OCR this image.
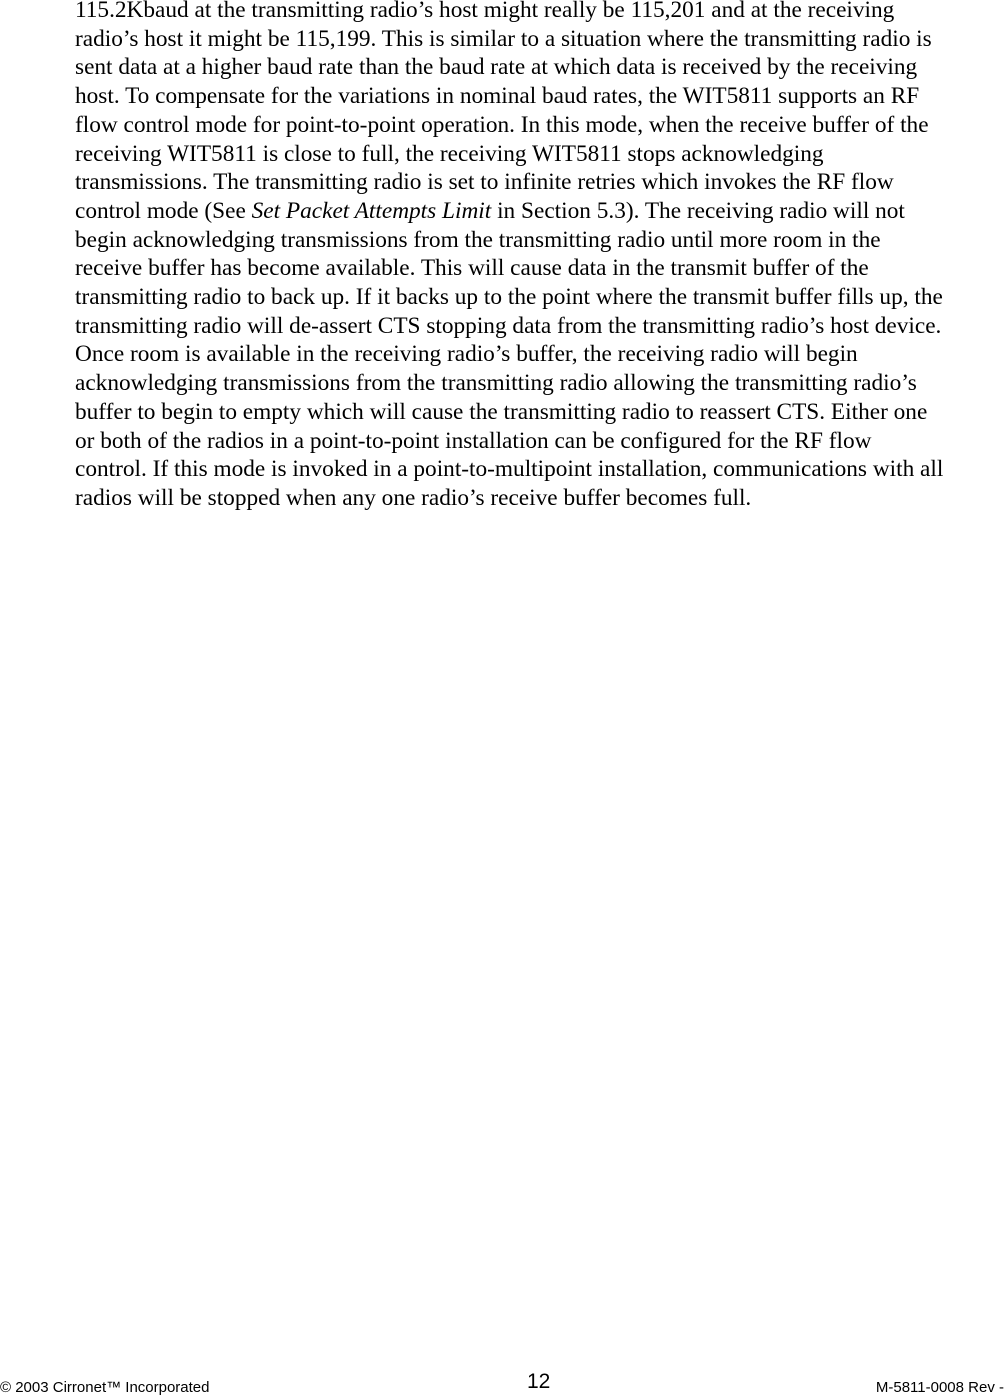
115.2Kbaud at the transmitting radio’s host might really be 115,201 and at the receiving
radio’s host it might be 115,199. This is similar to a situation where the transmitting radio is
sent data at a higher baud rate than the baud rate at which data is received by the receiving
host. To compensate for the variations in nominal baud rates, the WIT5811 supports an RF
flow control mode for point-to-point operation. In this mode, when the receive buffer of the
receiving WIT5811 is close to full, the receiving WIT5811 stops acknowledging
transmissions. The transmitting radio is set to infinite retries which invokes the RF flow
control mode (See Set Packet Attempts Limit in Section 5.3). The receiving radio will not
begin acknowledging transmissions from the transmitting radio until more room in the
receive buffer has become available. This will cause data in the transmit buffer of the
transmitting radio to back up. If it backs up to the point where the transmit buffer fills up, the
transmitting radio will de-assert CTS stopping data from the transmitting radio’s host device.
Once room is available in the receiving radio’s buffer, the receiving radio will begin
acknowledging transmissions from the transmitting radio allowing the transmitting radio’s
buffer to begin to empty which will cause the transmitting radio to reassert CTS. Either one
or both of the radios in a point-to-point installation can be configured for the RF flow
control. If this mode is invoked in a point-to-multipoint installation, communications with all
radios will be stopped when any one radio’s receive buffer becomes full.
© 2003 Cirronet™ Incorporated	12	M-5811-0008 Rev -
